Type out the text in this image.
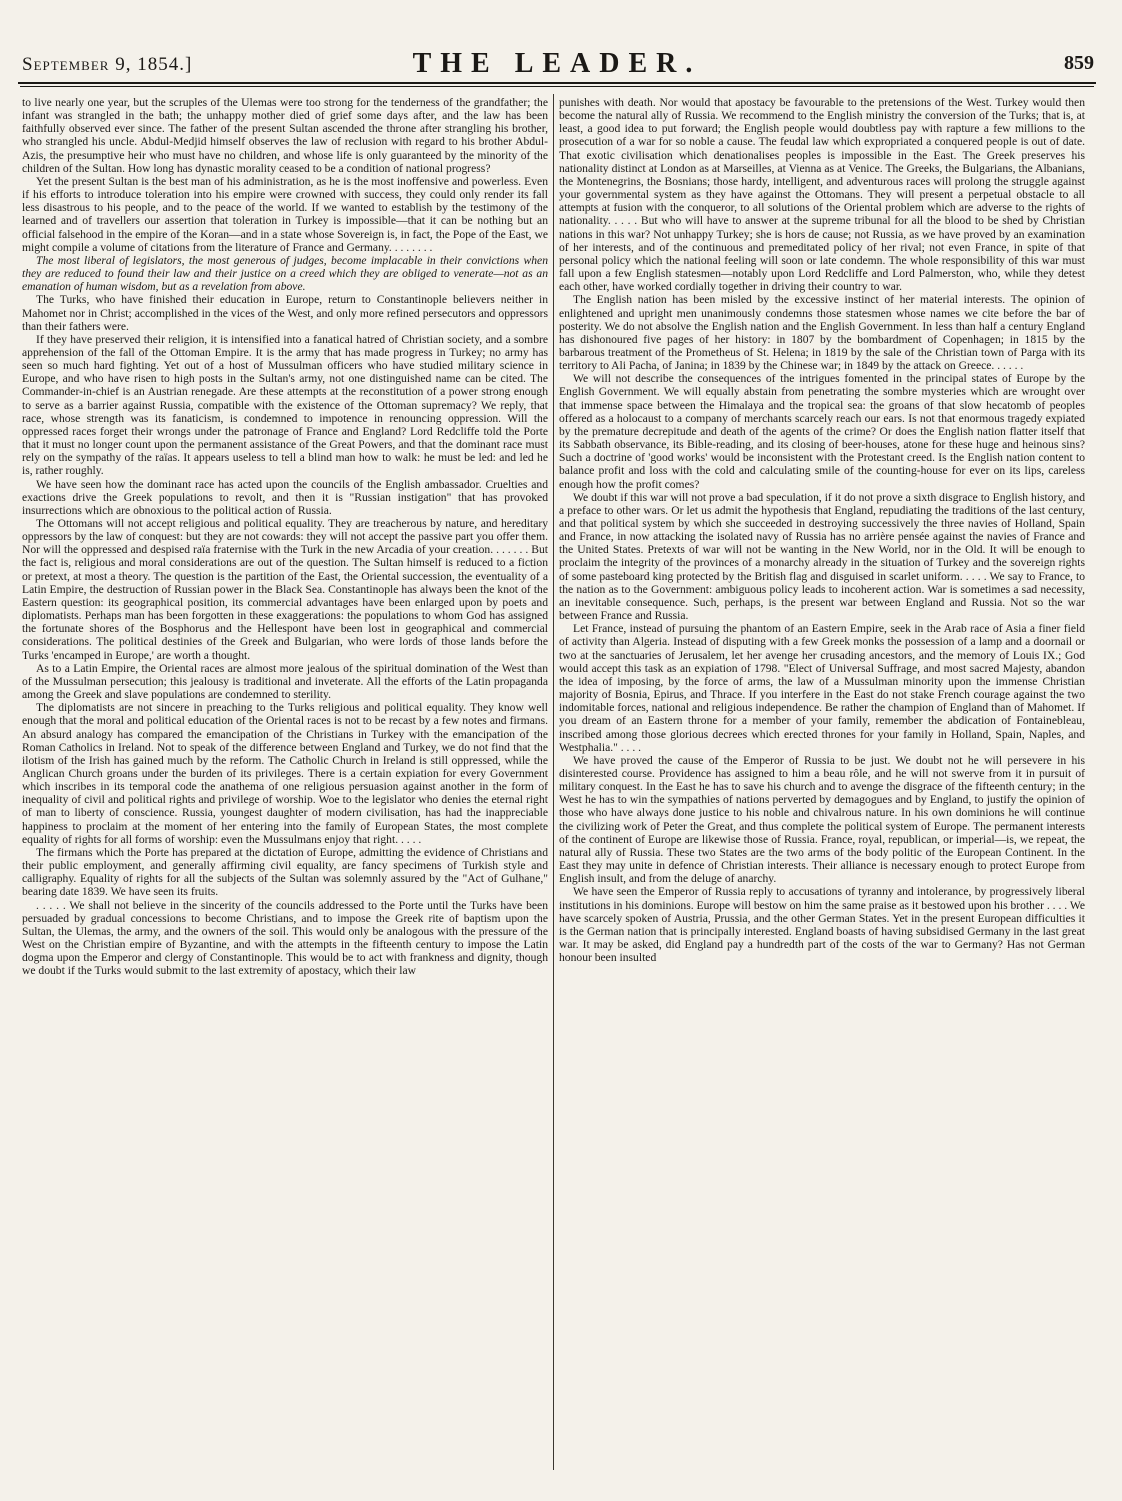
September 9, 1854.]	THE LEADER.	859

to live nearly one year, but the scruples of the Ulemas were too strong for the tenderness of the grandfather; the infant was strangled in the bath; the unhappy mother died of grief some days after, and the law has been faithfully observed ever since. The father of the present Sultan ascended the throne after strangling his brother, who strangled his uncle. Abdul-Medjid himself observes the law of reclusion with regard to his brother Abdul-Azis, the presumptive heir who must have no children, and whose life is only guaranteed by the minority of the children of the Sultan. How long has dynastic morality ceased to be a condition of national progress?

Yet the present Sultan is the best man of his administration, as he is the most inoffensive and powerless. Even if his efforts to introduce toleration into his empire were crowned with success, they could only render its fall less disastrous to his people, and to the peace of the world. If we wanted to establish by the testimony of the learned and of travellers our assertion that toleration in Turkey is impossible—that it can be nothing but an official falsehood in the empire of the Koran—and in a state whose Sovereign is, in fact, the Pope of the East, we might compile a volume of citations from the literature of France and Germany. . . . . . . .

The most liberal of legislators, the most generous of judges, become implacable in their convictions when they are reduced to found their law and their justice on a creed which they are obliged to venerate—not as an emanation of human wisdom, but as a revelation from above.

The Turks, who have finished their education in Europe, return to Constantinople believers neither in Mahomet nor in Christ; accomplished in the vices of the West, and only more refined persecutors and oppressors than their fathers were.

If they have preserved their religion, it is intensified into a fanatical hatred of Christian society, and a sombre apprehension of the fall of the Ottoman Empire. It is the army that has made progress in Turkey; no army has seen so much hard fighting. Yet out of a host of Mussulman officers who have studied military science in Europe, and who have risen to high posts in the Sultan's army, not one distinguished name can be cited. The Commander-in-chief is an Austrian renegade. Are these attempts at the reconstitution of a power strong enough to serve as a barrier against Russia, compatible with the existence of the Ottoman supremacy? We reply, that race, whose strength was its fanaticism, is condemned to impotence in renouncing oppression. Will the oppressed races forget their wrongs under the patronage of France and England? Lord Redcliffe told the Porte that it must no longer count upon the permanent assistance of the Great Powers, and that the dominant race must rely on the sympathy of the raïas. It appears useless to tell a blind man how to walk: he must be led: and led he is, rather roughly.

We have seen how the dominant race has acted upon the councils of the English ambassador. Cruelties and exactions drive the Greek populations to revolt, and then it is "Russian instigation" that has provoked insurrections which are obnoxious to the political action of Russia.

The Ottomans will not accept religious and political equality. They are treacherous by nature, and hereditary oppressors by the law of conquest: but they are not cowards: they will not accept the passive part you offer them. Nor will the oppressed and despised raïa fraternise with the Turk in the new Arcadia of your creation. . . . . . . But the fact is, religious and moral considerations are out of the question. The Sultan himself is reduced to a fiction or pretext, at most a theory. The question is the partition of the East, the Oriental succession, the eventuality of a Latin Empire, the destruction of Russian power in the Black Sea. Constantinople has always been the knot of the Eastern question: its geographical position, its commercial advantages have been enlarged upon by poets and diplomatists. Perhaps man has been forgotten in these exaggerations: the populations to whom God has assigned the fortunate shores of the Bosphorus and the Hellespont have been lost in geographical and commercial considerations. The political destinies of the Greek and Bulgarian, who were lords of those lands before the Turks 'encamped in Europe,' are worth a thought.

As to a Latin Empire, the Oriental races are almost more jealous of the spiritual domination of the West than of the Mussulman persecution; this jealousy is traditional and inveterate. All the efforts of the Latin propaganda among the Greek and slave populations are condemned to sterility.

The diplomatists are not sincere in preaching to the Turks religious and political equality. They know well enough that the moral and political education of the Oriental races is not to be recast by a few notes and firmans. An absurd analogy has compared the emancipation of the Christians in Turkey with the emancipation of the Roman Catholics in Ireland. Not to speak of the difference between England and Turkey, we do not find that the ilotism of the Irish has gained much by the reform. The Catholic Church in Ireland is still oppressed, while the Anglican Church groans under the burden of its privileges. There is a certain expiation for every Government which inscribes in its temporal code the anathema of one religious persuasion against another in the form of inequality of civil and political rights and privilege of worship. Woe to the legislator who denies the eternal right of man to liberty of conscience. Russia, youngest daughter of modern civilisation, has had the inappreciable happiness to proclaim at the moment of her entering into the family of European States, the most complete equality of rights for all forms of worship: even the Mussulmans enjoy that right. . . . .

The firmans which the Porte has prepared at the dictation of Europe, admitting the evidence of Christians and their public employment, and generally affirming civil equality, are fancy specimens of Turkish style and calligraphy. Equality of rights for all the subjects of the Sultan was solemnly assured by the "Act of Gulhane," bearing date 1839. We have seen its fruits.

. . . . . We shall not believe in the sincerity of the councils addressed to the Porte until the Turks have been persuaded by gradual concessions to become Christians, and to impose the Greek rite of baptism upon the Sultan, the Ulemas, the army, and the owners of the soil. This would only be analogous with the pressure of the West on the Christian empire of Byzantine, and with the attempts in the fifteenth century to impose the Latin dogma upon the Emperor and clergy of Constantinople. This would be to act with frankness and dignity, though we doubt if the Turks would submit to the last extremity of apostacy, which their law

punishes with death. Nor would that apostacy be favourable to the pretensions of the West. Turkey would then become the natural ally of Russia. We recommend to the English ministry the conversion of the Turks; that is, at least, a good idea to put forward; the English people would doubtless pay with rapture a few millions to the prosecution of a war for so noble a cause. The feudal law which expropriated a conquered people is out of date. That exotic civilisation which denationalises peoples is impossible in the East. The Greek preserves his nationality distinct at London as at Marseilles, at Vienna as at Venice. The Greeks, the Bulgarians, the Albanians, the Montenegrins, the Bosnians; those hardy, intelligent, and adventurous races will prolong the struggle against your governmental system as they have against the Ottomans. They will present a perpetual obstacle to all attempts at fusion with the conqueror, to all solutions of the Oriental problem which are adverse to the rights of nationality. . . . . But who will have to answer at the supreme tribunal for all the blood to be shed by Christian nations in this war? Not unhappy Turkey; she is hors de cause; not Russia, as we have proved by an examination of her interests, and of the continuous and premeditated policy of her rival; not even France, in spite of that personal policy which the national feeling will soon or late condemn. The whole responsibility of this war must fall upon a few English statesmen—notably upon Lord Redcliffe and Lord Palmerston, who, while they detest each other, have worked cordially together in driving their country to war.

The English nation has been misled by the excessive instinct of her material interests. The opinion of enlightened and upright men unanimously condemns those statesmen whose names we cite before the bar of posterity. We do not absolve the English nation and the English Government. In less than half a century England has dishonoured five pages of her history: in 1807 by the bombardment of Copenhagen; in 1815 by the barbarous treatment of the Prometheus of St. Helena; in 1819 by the sale of the Christian town of Parga with its territory to Ali Pacha, of Janina; in 1839 by the Chinese war; in 1849 by the attack on Greece. . . . . .

We will not describe the consequences of the intrigues fomented in the principal states of Europe by the English Government. We will equally abstain from penetrating the sombre mysteries which are wrought over that immense space between the Himalaya and the tropical sea: the groans of that slow hecatomb of peoples offered as a holocaust to a company of merchants scarcely reach our ears. Is not that enormous tragedy expiated by the premature decrepitude and death of the agents of the crime? Or does the English nation flatter itself that its Sabbath observance, its Bible-reading, and its closing of beer-houses, atone for these huge and heinous sins? Such a doctrine of 'good works' would be inconsistent with the Protestant creed. Is the English nation content to balance profit and loss with the cold and calculating smile of the counting-house for ever on its lips, careless enough how the profit comes?

We doubt if this war will not prove a bad speculation, if it do not prove a sixth disgrace to English history, and a preface to other wars. Or let us admit the hypothesis that England, repudiating the traditions of the last century, and that political system by which she succeeded in destroying successively the three navies of Holland, Spain and France, in now attacking the isolated navy of Russia has no arrière pensée against the navies of France and the United States. Pretexts of war will not be wanting in the New World, nor in the Old. It will be enough to proclaim the integrity of the provinces of a monarchy already in the situation of Turkey and the sovereign rights of some pasteboard king protected by the British flag and disguised in scarlet uniform. . . . . We say to France, to the nation as to the Government: ambiguous policy leads to incoherent action. War is sometimes a sad necessity, an inevitable consequence. Such, perhaps, is the present war between England and Russia. Not so the war between France and Russia.

Let France, instead of pursuing the phantom of an Eastern Empire, seek in the Arab race of Asia a finer field of activity than Algeria. Instead of disputing with a few Greek monks the possession of a lamp and a doornail or two at the sanctuaries of Jerusalem, let her avenge her crusading ancestors, and the memory of Louis IX.; God would accept this task as an expiation of 1798. "Elect of Universal Suffrage, and most sacred Majesty, abandon the idea of imposing, by the force of arms, the law of a Mussulman minority upon the immense Christian majority of Bosnia, Epirus, and Thrace. If you interfere in the East do not stake French courage against the two indomitable forces, national and religious independence. Be rather the champion of England than of Mahomet. If you dream of an Eastern throne for a member of your family, remember the abdication of Fontainebleau, inscribed among those glorious decrees which erected thrones for your family in Holland, Spain, Naples, and Westphalia." . . . .

We have proved the cause of the Emperor of Russia to be just. We doubt not he will persevere in his disinterested course. Providence has assigned to him a beau rôle, and he will not swerve from it in pursuit of military conquest. In the East he has to save his church and to avenge the disgrace of the fifteenth century; in the West he has to win the sympathies of nations perverted by demagogues and by England, to justify the opinion of those who have always done justice to his noble and chivalrous nature. In his own dominions he will continue the civilizing work of Peter the Great, and thus complete the political system of Europe. The permanent interests of the continent of Europe are likewise those of Russia. France, royal, republican, or imperial—is, we repeat, the natural ally of Russia. These two States are the two arms of the body politic of the European Continent. In the East they may unite in defence of Christian interests. Their alliance is necessary enough to protect Europe from English insult, and from the deluge of anarchy.

We have seen the Emperor of Russia reply to accusations of tyranny and intolerance, by progressively liberal institutions in his dominions. Europe will bestow on him the same praise as it bestowed upon his brother . . . . We have scarcely spoken of Austria, Prussia, and the other German States. Yet in the present European difficulties it is the German nation that is principally interested. England boasts of having subsidised Germany in the last great war. It may be asked, did England pay a hundredth part of the costs of the war to Germany? Has not German honour been insulted
